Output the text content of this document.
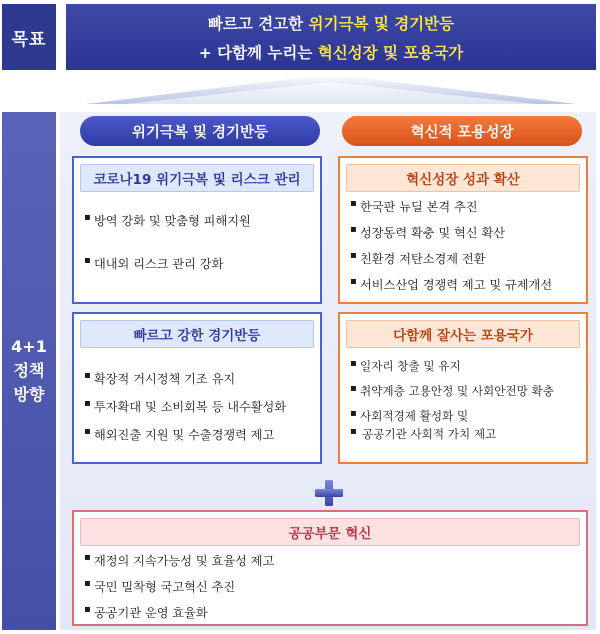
목표
4+1
정책
방향
빠르고 견고한 위기극복 및 경기반등
+ 다함께 누리는 혁신성장 및 포용국가
위기극복 및 경기반등	혁신적 포용성장
코로나19 위기극복 및 리스크 관리
▪ 방역 강화 및 맞춤형 피해지원
▪ 대내외 리스크 관리 강화
빠르고 강한 경기반등
▪ 확장적 거시정책 기조 유지
▪ 투자확대 및 소비회복 등 내수활성화
▪ 해외진출 지원 및 수출경쟁력 제고
혁신성장 성과 확산
▪ 한국판 뉴딜 본격 추진
▪ 성장동력 확충 및 혁신 확산
▪ 친환경 저탄소경제 전환
▪ 서비스산업 경쟁력 제고 및 규제개선
다함께 잘사는 포용국가
▪ 일자리 창출 및 유지
▪ 취약계층 고용안정 및 사회안전망 확충
▪ 사회적경제 활성화 및
▪ 공공기관 사회적 가치 제고
공공부문 혁신
▪ 재정의 지속가능성 및 효율성 제고
▪ 국민 밀착형 국고혁신 추진
▪ 공공기관 운영 효율화
